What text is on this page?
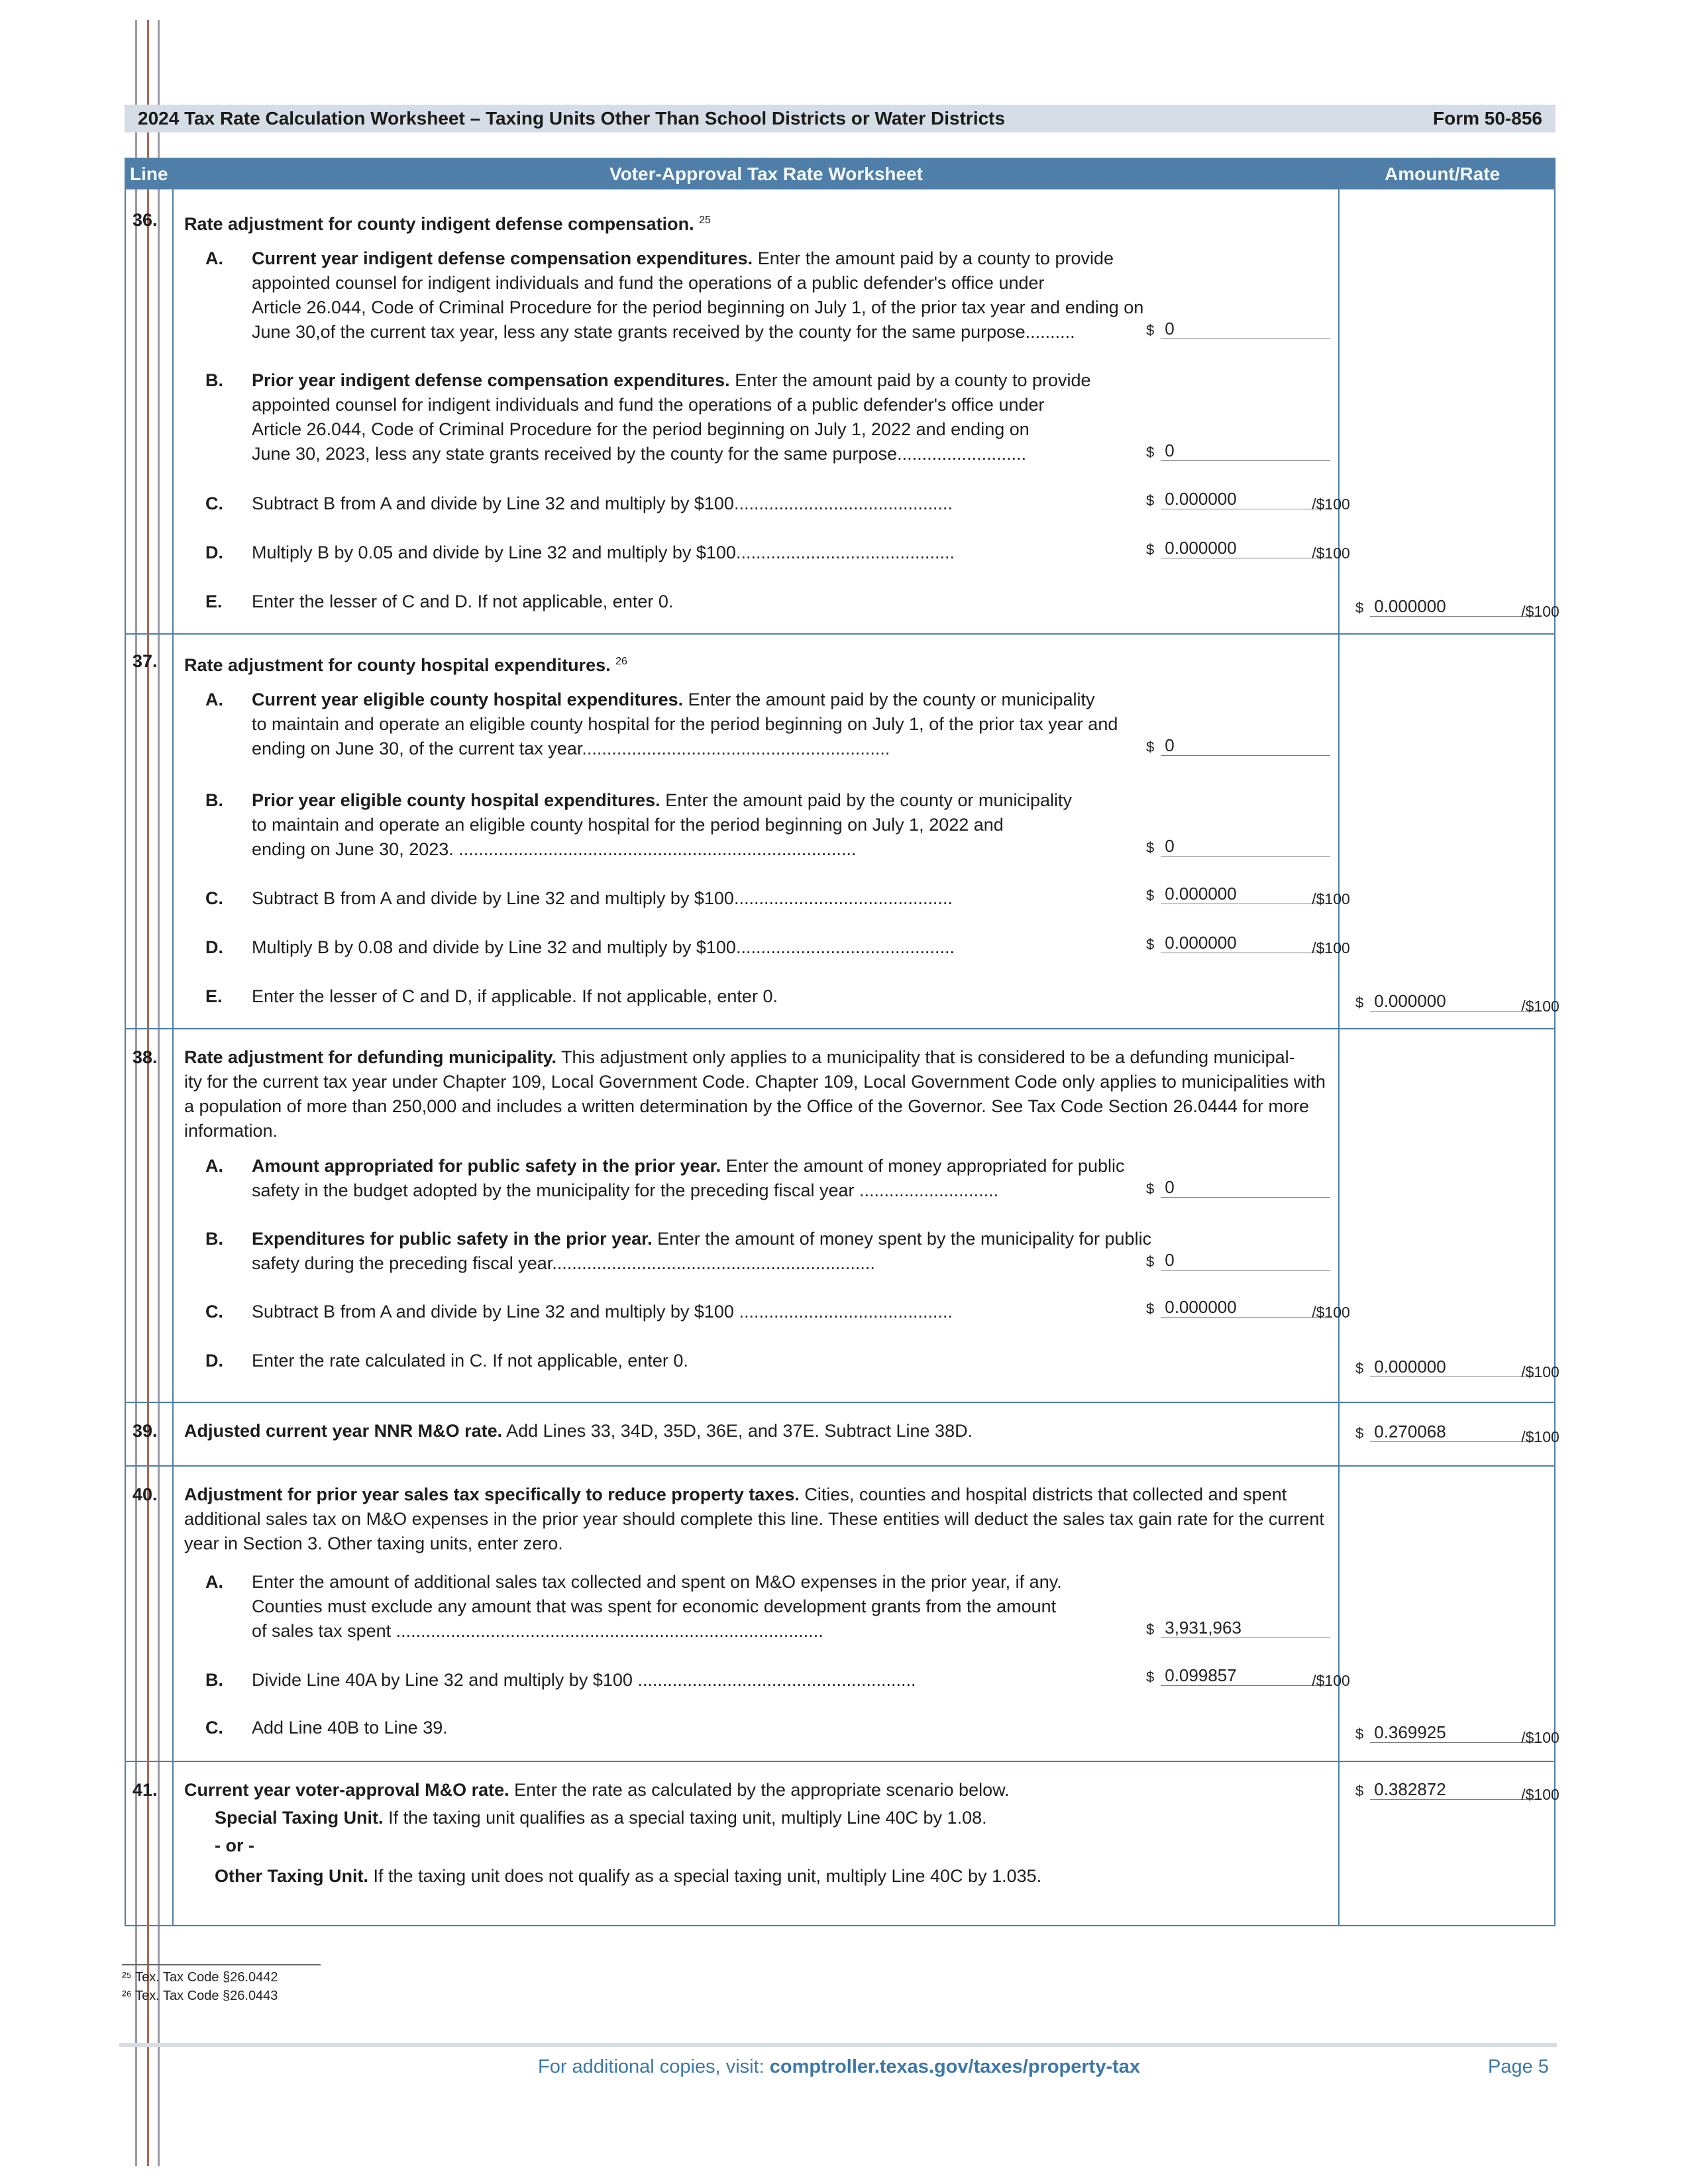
2024 Tax Rate Calculation Worksheet – Taxing Units Other Than School Districts or Water Districts	Form 50-856
Line	Voter-Approval Tax Rate Worksheet	Amount/Rate
36. Rate adjustment for county indigent defense compensation. $^{25}$
A. Current year indigent defense compensation expenditures. Enter the amount paid by a county to provide
appointed counsel for indigent individuals and fund the operations of a public defender's office under
Article 26.044, Code of Criminal Procedure for the period beginning on July 1, of the prior tax year and ending on
June 30,of the current tax year, less any state grants received by the county for the same purpose..........	$ 0
B. Prior year indigent defense compensation expenditures. Enter the amount paid by a county to provide
appointed counsel for indigent individuals and fund the operations of a public defender's office under
Article 26.044, Code of Criminal Procedure for the period beginning on July 1, 2022 and ending on
June 30, 2023, less any state grants received by the county for the same purpose..........................	$ 0
C. Subtract B from A and divide by Line 32 and multiply by $100............................................	$ 0.000000	/$100
D. Multiply B by 0.05 and divide by Line 32 and multiply by $100............................................	$ 0.000000	/$100
E. Enter the lesser of C and D. If not applicable, enter 0.	$ 0.000000	/$100
37. Rate adjustment for county hospital expenditures. $^{26}$
A. Current year eligible county hospital expenditures. Enter the amount paid by the county or municipality
to maintain and operate an eligible county hospital for the period beginning on July 1, of the prior tax year and
ending on June 30, of the current tax year..............................................................	$ 0
B. Prior year eligible county hospital expenditures. Enter the amount paid by the county or municipality
to maintain and operate an eligible county hospital for the period beginning on July 1, 2022 and
ending on June 30, 2023. ................................................................................	$ 0
C. Subtract B from A and divide by Line 32 and multiply by $100............................................	$ 0.000000	/$100
D. Multiply B by 0.08 and divide by Line 32 and multiply by $100............................................	$ 0.000000	/$100
E. Enter the lesser of C and D, if applicable. If not applicable, enter 0.	$ 0.000000	/$100
38. Rate adjustment for defunding municipality. This adjustment only applies to a municipality that is considered to be a defunding municipal-
ity for the current tax year under Chapter 109, Local Government Code. Chapter 109, Local Government Code only applies to municipalities with
a population of more than 250,000 and includes a written determination by the Office of the Governor. See Tax Code Section 26.0444 for more
information.
A. Amount appropriated for public safety in the prior year. Enter the amount of money appropriated for public
safety in the budget adopted by the municipality for the preceding fiscal year ............................	$ 0
B. Expenditures for public safety in the prior year. Enter the amount of money spent by the municipality for public
safety during the preceding fiscal year.................................................................	$ 0
C. Subtract B from A and divide by Line 32 and multiply by $100 ...........................................	$ 0.000000	/$100
D. Enter the rate calculated in C. If not applicable, enter 0.	$ 0.000000	/$100
39. Adjusted current year NNR M&O rate. Add Lines 33, 34D, 35D, 36E, and 37E. Subtract Line 38D.	$ 0.270068	/$100
40. Adjustment for prior year sales tax specifically to reduce property taxes. Cities, counties and hospital districts that collected and spent
additional sales tax on M&O expenses in the prior year should complete this line. These entities will deduct the sales tax gain rate for the current
year in Section 3. Other taxing units, enter zero.
A. Enter the amount of additional sales tax collected and spent on M&O expenses in the prior year, if any.
Counties must exclude any amount that was spent for economic development grants from the amount
of sales tax spent ......................................................................................	$ 3,931,963
B. Divide Line 40A by Line 32 and multiply by $100 ........................................................	$ 0.099857	/$100
C. Add Line 40B to Line 39.	$ 0.369925	/$100
41. Current year voter-approval M&O rate. Enter the rate as calculated by the appropriate scenario below.
Special Taxing Unit. If the taxing unit qualifies as a special taxing unit, multiply Line 40C by 1.08.
- or -
Other Taxing Unit. If the taxing unit does not qualify as a special taxing unit, multiply Line 40C by 1.035.
$ 0.382872	/$100
²⁵ Tex. Tax Code §26.0442
²⁶ Tex. Tax Code §26.0443
For additional copies, visit: comptroller.texas.gov/taxes/property-tax	Page 5
